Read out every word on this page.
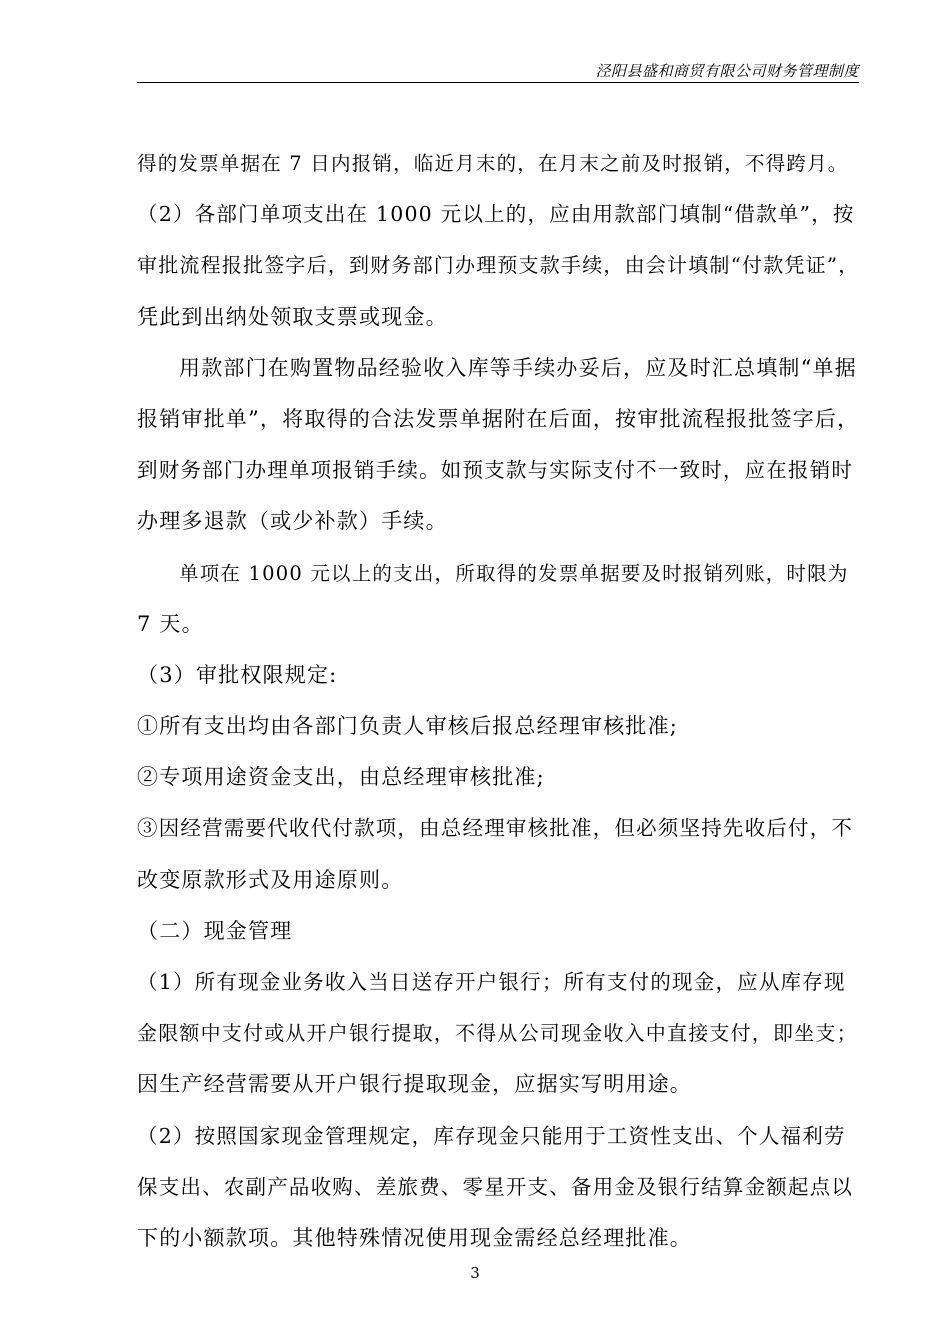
泾阳县盛和商贸有限公司财务管理制度
得的发票单据在 7 日内报销，临近月末的，在月末之前及时报销，不得跨月。
（2）各部门单项支出在 1000 元以上的，应由用款部门填制“借款单”，按
审批流程报批签字后，到财务部门办理预支款手续，由会计填制“付款凭证”，
凭此到出纳处领取支票或现金。
用款部门在购置物品经验收入库等手续办妥后，应及时汇总填制“单据
报销审批单”，将取得的合法发票单据附在后面，按审批流程报批签字后，
到财务部门办理单项报销手续。如预支款与实际支付不一致时，应在报销时
办理多退款（或少补款）手续。
单项在 1000 元以上的支出，所取得的发票单据要及时报销列账，时限为
7 天。
（3）审批权限规定:
①所有支出均由各部门负责人审核后报总经理审核批准;
②专项用途资金支出，由总经理审核批准;
③因经营需要代收代付款项，由总经理审核批准，但必须坚持先收后付，不
改变原款形式及用途原则。
（二）现金管理
（1）所有现金业务收入当日送存开户银行；所有支付的现金，应从库存现
金限额中支付或从开户银行提取，不得从公司现金收入中直接支付，即坐支；
因生产经营需要从开户银行提取现金，应据实写明用途。
（2）按照国家现金管理规定，库存现金只能用于工资性支出、个人福利劳
保支出、农副产品收购、差旅费、零星开支、备用金及银行结算金额起点以
下的小额款项。其他特殊情况使用现金需经总经理批准。
3
